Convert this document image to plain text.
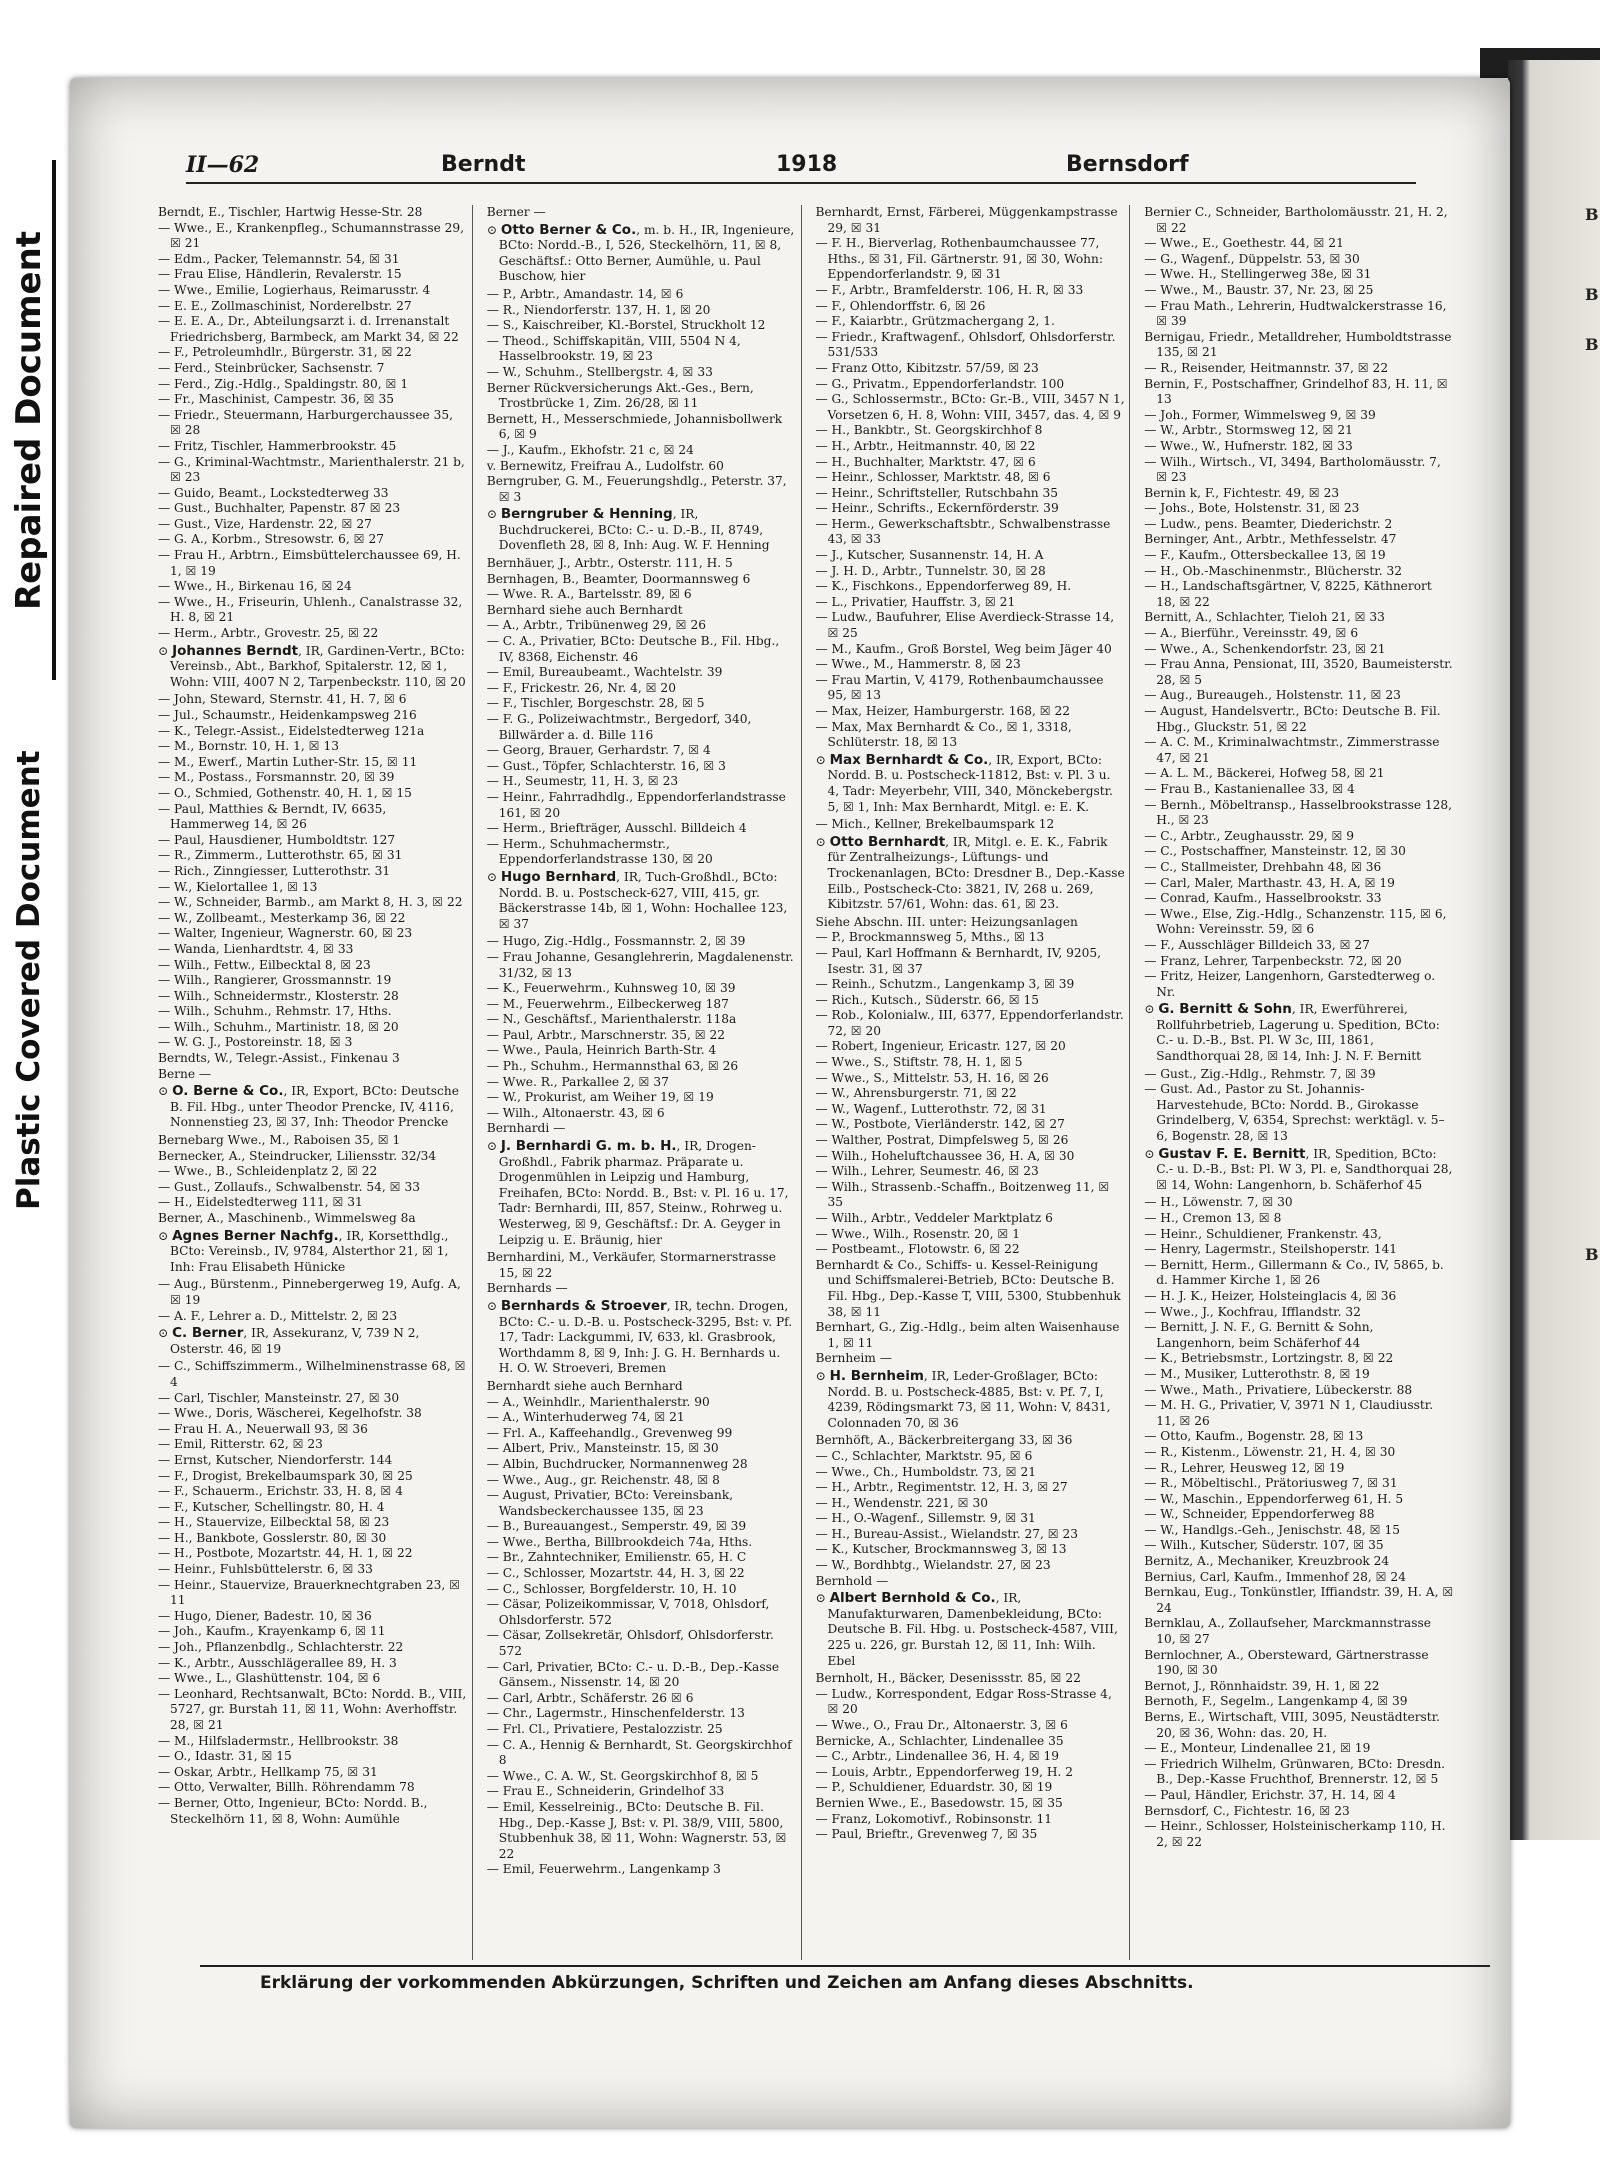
Repaired Document
Plastic Covered Document
B
B
B
B
II—62	Berndt	1918	Bernsdorf
Berndt, E., Tischler, Hartwig Hesse-Str. 28
— Wwe., E., Krankenpfleg., Schumannstrasse 29, ☒ 21
— Edm., Packer, Telemannstr. 54, ☒ 31
— Frau Elise, Händlerin, Revalerstr. 15
— Wwe., Emilie, Logierhaus, Reimarusstr. 4
— E. E., Zollmaschinist, Norderelbstr. 27
— E. E. A., Dr., Abteilungsarzt i. d. Irrenanstalt Friedrichsberg, Barmbeck, am Markt 34, ☒ 22
— F., Petroleumhdlr., Bürgerstr. 31, ☒ 22
— Ferd., Steinbrücker, Sachsenstr. 7
— Ferd., Zig.-Hdlg., Spaldingstr. 80, ☒ 1
— Fr., Maschinist, Campestr. 36, ☒ 35
— Friedr., Steuermann, Harburgerchaussee 35, ☒ 28
— Fritz, Tischler, Hammerbrookstr. 45
— G., Kriminal-Wachtmstr., Marienthalerstr. 21 b, ☒ 23
— Guido, Beamt., Lockstedterweg 33
— Gust., Buchhalter, Papenstr. 87 ☒ 23
— Gust., Vize, Hardenstr. 22, ☒ 27
— G. A., Korbm., Stresowstr. 6, ☒ 27
— Frau H., Arbtrn., Eimsbüttelerchaussee 69, H. 1, ☒ 19
— Wwe., H., Birkenau 16, ☒ 24
— Wwe., H., Friseurin, Uhlenh., Canalstrasse 32, H. 8, ☒ 21
— Herm., Arbtr., Grovestr. 25, ☒ 22
⊙ Johannes Berndt, IR, Gardinen-Vertr., BCto: Vereinsb., Abt., Barkhof, Spitalerstr. 12, ☒ 1, Wohn: VIII, 4007 N 2, Tarpenbeckstr. 110, ☒ 20
— John, Steward, Sternstr. 41, H. 7, ☒ 6
— Jul., Schaumstr., Heidenkampsweg 216
— K., Telegr.-Assist., Eidelstedterweg 121a
— M., Bornstr. 10, H. 1, ☒ 13
— M., Ewerf., Martin Luther-Str. 15, ☒ 11
— M., Postass., Forsmannstr. 20, ☒ 39
— O., Schmied, Gothenstr. 40, H. 1, ☒ 15
— Paul, Matthies & Berndt, IV, 6635, Hammerweg 14, ☒ 26
— Paul, Hausdiener, Humboldtstr. 127
— R., Zimmerm., Lutterothstr. 65, ☒ 31
— Rich., Zinngiesser, Lutterothstr. 31
— W., Kielortallee 1, ☒ 13
— W., Schneider, Barmb., am Markt 8, H. 3, ☒ 22
— W., Zollbeamt., Mesterkamp 36, ☒ 22
— Walter, Ingenieur, Wagnerstr. 60, ☒ 23
— Wanda, Lienhardtstr. 4, ☒ 33
— Wilh., Fettw., Eilbecktal 8, ☒ 23
— Wilh., Rangierer, Grossmannstr. 19
— Wilh., Schneidermstr., Klosterstr. 28
— Wilh., Schuhm., Rehmstr. 17, Hths.
— Wilh., Schuhm., Martinistr. 18, ☒ 20
— W. G. J., Postoreinstr. 18, ☒ 3
Berndts, W., Telegr.-Assist., Finkenau 3
Berne —
⊙ O. Berne & Co., IR, Export, BCto: Deutsche B. Fil. Hbg., unter Theodor Prencke, IV, 4116, Nonnenstieg 23, ☒ 37, Inh: Theodor Prencke
Bernebarg Wwe., M., Raboisen 35, ☒ 1
Bernecker, A., Steindrucker, Liliensstr. 32/34
— Wwe., B., Schleidenplatz 2, ☒ 22
— Gust., Zollaufs., Schwalbenstr. 54, ☒ 33
— H., Eidelstedterweg 111, ☒ 31
Berner, A., Maschinenb., Wimmelsweg 8a
⊙ Agnes Berner Nachfg., IR, Korsetthdlg., BCto: Vereinsb., IV, 9784, Alsterthor 21, ☒ 1, Inh: Frau Elisabeth Hünicke
— Aug., Bürstenm., Pinnebergerweg 19, Aufg. A, ☒ 19
— A. F., Lehrer a. D., Mittelstr. 2, ☒ 23
⊙ C. Berner, IR, Assekuranz, V, 739 N 2, Osterstr. 46, ☒ 19
— C., Schiffszimmerm., Wilhelminenstrasse 68, ☒ 4
— Carl, Tischler, Mansteinstr. 27, ☒ 30
— Wwe., Doris, Wäscherei, Kegelhofstr. 38
— Frau H. A., Neuerwall 93, ☒ 36
— Emil, Ritterstr. 62, ☒ 23
— Ernst, Kutscher, Niendorferstr. 144
— F., Drogist, Brekelbaumspark 30, ☒ 25
— F., Schauerm., Erichstr. 33, H. 8, ☒ 4
— F., Kutscher, Schellingstr. 80, H. 4
— H., Stauervize, Eilbecktal 58, ☒ 23
— H., Bankbote, Gosslerstr. 80, ☒ 30
— H., Postbote, Mozartstr. 44, H. 1, ☒ 22
— Heinr., Fuhlsbüttelerstr. 6, ☒ 33
— Heinr., Stauervize, Brauerknechtgraben 23, ☒ 11
— Hugo, Diener, Badestr. 10, ☒ 36
— Joh., Kaufm., Krayenkamp 6, ☒ 11
— Joh., Pflanzenbdlg., Schlachterstr. 22
— K., Arbtr., Ausschlägerallee 89, H. 3
— Wwe., L., Glashüttenstr. 104, ☒ 6
— Leonhard, Rechtsanwalt, BCto: Nordd. B., VIII, 5727, gr. Burstah 11, ☒ 11, Wohn: Averhoffstr. 28, ☒ 21
— M., Hilfsladermstr., Hellbrookstr. 38
— O., Idastr. 31, ☒ 15
— Oskar, Arbtr., Hellkamp 75, ☒ 31
— Otto, Verwalter, Billh. Röhrendamm 78
— Berner, Otto, Ingenieur, BCto: Nordd. B., Steckelhörn 11, ☒ 8, Wohn: Aumühle
Berner —
⊙ Otto Berner & Co., m. b. H., IR, Ingenieure, BCto: Nordd.-B., I, 526, Steckelhörn, 11, ☒ 8, Geschäftsf.: Otto Berner, Aumühle, u. Paul Buschow, hier
— P., Arbtr., Amandastr. 14, ☒ 6
— R., Niendorferstr. 137, H. 1, ☒ 20
— S., Kaischreiber, Kl.-Borstel, Struckholt 12
— Theod., Schiffskapitän, VIII, 5504 N 4, Hasselbrookstr. 19, ☒ 23
— W., Schuhm., Stellbergstr. 4, ☒ 33
Berner Rückversicherungs Akt.-Ges., Bern, Trostbrücke 1, Zim. 26/28, ☒ 11
Bernett, H., Messerschmiede, Johannisbollwerk 6, ☒ 9
— J., Kaufm., Ekhofstr. 21 c, ☒ 24
v. Bernewitz, Freifrau A., Ludolfstr. 60
Berngruber, G. M., Feuerungshdlg., Peterstr. 37, ☒ 3
⊙ Berngruber & Henning, IR, Buchdruckerei, BCto: C.- u. D.-B., II, 8749, Dovenfleth 28, ☒ 8, Inh: Aug. W. F. Henning
Bernhäuer, J., Arbtr., Osterstr. 111, H. 5
Bernhagen, B., Beamter, Doormannsweg 6
— Wwe. R. A., Bartelsstr. 89, ☒ 6
Bernhard siehe auch Bernhardt
— A., Arbtr., Tribünenweg 29, ☒ 26
— C. A., Privatier, BCto: Deutsche B., Fil. Hbg., IV, 8368, Eichenstr. 46
— Emil, Bureaubeamt., Wachtelstr. 39
— F., Frickestr. 26, Nr. 4, ☒ 20
— F., Tischler, Borgeschstr. 28, ☒ 5
— F. G., Polizeiwachtmstr., Bergedorf, 340, Billwärder a. d. Bille 116
— Georg, Brauer, Gerhardstr. 7, ☒ 4
— Gust., Töpfer, Schlachterstr. 16, ☒ 3
— H., Seumestr, 11, H. 3, ☒ 23
— Heinr., Fahrradhdlg., Eppendorferlandstrasse 161, ☒ 20
— Herm., Briefträger, Ausschl. Billdeich 4
— Herm., Schuhmachermstr., Eppendorferlandstrasse 130, ☒ 20
⊙ Hugo Bernhard, IR, Tuch-Großhdl., BCto: Nordd. B. u. Postscheck-627, VIII, 415, gr. Bäckerstrasse 14b, ☒ 1, Wohn: Hochallee 123, ☒ 37
— Hugo, Zig.-Hdlg., Fossmannstr. 2, ☒ 39
— Frau Johanne, Gesanglehrerin, Magdalenenstr. 31/32, ☒ 13
— K., Feuerwehrm., Kuhnsweg 10, ☒ 39
— M., Feuerwehrm., Eilbeckerweg 187
— N., Geschäftsf., Marienthalerstr. 118a
— Paul, Arbtr., Marschnerstr. 35, ☒ 22
— Wwe., Paula, Heinrich Barth-Str. 4
— Ph., Schuhm., Hermannsthal 63, ☒ 26
— Wwe. R., Parkallee 2, ☒ 37
— W., Prokurist, am Weiher 19, ☒ 19
— Wilh., Altonaerstr. 43, ☒ 6
Bernhardi —
⊙ J. Bernhardi G. m. b. H., IR, Drogen-Großhdl., Fabrik pharmaz. Präparate u. Drogenmühlen in Leipzig und Hamburg, Freihafen, BCto: Nordd. B., Bst: v. Pl. 16 u. 17, Tadr: Bernhardi, III, 857, Steinw., Rohrweg u. Westerweg, ☒ 9, Geschäftsf.: Dr. A. Geyger in Leipzig u. E. Bräunig, hier
Bernhardini, M., Verkäufer, Stormarnerstrasse 15, ☒ 22
Bernhards —
⊙ Bernhards & Stroever, IR, techn. Drogen, BCto: C.- u. D.-B. u. Postscheck-3295, Bst: v. Pf. 17, Tadr: Lackgummi, IV, 633, kl. Grasbrook, Worthdamm 8, ☒ 9, Inh: J. G. H. Bernhards u. H. O. W. Stroeveri, Bremen
Bernhardt siehe auch Bernhard
— A., Weinhdlr., Marienthalerstr. 90
— A., Winterhuderweg 74, ☒ 21
— Frl. A., Kaffeehandlg., Grevenweg 99
— Albert, Priv., Mansteinstr. 15, ☒ 30
— Albin, Buchdrucker, Normannenweg 28
— Wwe., Aug., gr. Reichenstr. 48, ☒ 8
— August, Privatier, BCto: Vereinsbank, Wandsbeckerchaussee 135, ☒ 23
— B., Bureauangest., Semperstr. 49, ☒ 39
— Wwe., Bertha, Billbrookdeich 74a, Hths.
— Br., Zahntechniker, Emilienstr. 65, H. C
— C., Schlosser, Mozartstr. 44, H. 3, ☒ 22
— C., Schlosser, Borgfelderstr. 10, H. 10
— Cäsar, Polizeikommissar, V, 7018, Ohlsdorf, Ohlsdorferstr. 572
— Cäsar, Zollsekretär, Ohlsdorf, Ohlsdorferstr. 572
— Carl, Privatier, BCto: C.- u. D.-B., Dep.-Kasse Gänsem., Nissenstr. 14, ☒ 20
— Carl, Arbtr., Schäferstr. 26 ☒ 6
— Chr., Lagermstr., Hinschenfelderstr. 13
— Frl. Cl., Privatiere, Pestalozzistr. 25
— C. A., Hennig & Bernhardt, St. Georgskirchhof 8
— Wwe., C. A. W., St. Georgskirchhof 8, ☒ 5
— Frau E., Schneiderin, Grindelhof 33
— Emil, Kesselreinig., BCto: Deutsche B. Fil. Hbg., Dep.-Kasse J, Bst: v. Pl. 38/9, VIII, 5800, Stubbenhuk 38, ☒ 11, Wohn: Wagnerstr. 53, ☒ 22
— Emil, Feuerwehrm., Langenkamp 3
Bernhardt, Ernst, Färberei, Müggenkampstrasse 29, ☒ 31
— F. H., Bierverlag, Rothenbaumchaussee 77, Hths., ☒ 31, Fil. Gärtnerstr. 91, ☒ 30, Wohn: Eppendorferlandstr. 9, ☒ 31
— F., Arbtr., Bramfelderstr. 106, H. R, ☒ 33
— F., Ohlendorffstr. 6, ☒ 26
— F., Kaiarbtr., Grützmachergang 2, 1.
— Friedr., Kraftwagenf., Ohlsdorf, Ohlsdorferstr. 531/533
— Franz Otto, Kibitzstr. 57/59, ☒ 23
— G., Privatm., Eppendorferlandstr. 100
— G., Schlossermstr., BCto: Gr.-B., VIII, 3457 N 1, Vorsetzen 6, H. 8, Wohn: VIII, 3457, das. 4, ☒ 9
— H., Bankbtr., St. Georgskirchhof 8
— H., Arbtr., Heitmannstr. 40, ☒ 22
— H., Buchhalter, Marktstr. 47, ☒ 6
— Heinr., Schlosser, Marktstr. 48, ☒ 6
— Heinr., Schriftsteller, Rutschbahn 35
— Heinr., Schrifts., Eckernförderstr. 39
— Herm., Gewerkschaftsbtr., Schwalbenstrasse 43, ☒ 33
— J., Kutscher, Susannenstr. 14, H. A
— J. H. D., Arbtr., Tunnelstr. 30, ☒ 28
— K., Fischkons., Eppendorferweg 89, H.
— L., Privatier, Hauffstr. 3, ☒ 21
— Ludw., Baufuhrer, Elise Averdieck-Strasse 14, ☒ 25
— M., Kaufm., Groß Borstel, Weg beim Jäger 40
— Wwe., M., Hammerstr. 8, ☒ 23
— Frau Martin, V, 4179, Rothenbaumchaussee 95, ☒ 13
— Max, Heizer, Hamburgerstr. 168, ☒ 22
— Max, Max Bernhardt & Co., ☒ 1, 3318, Schlüterstr. 18, ☒ 13
⊙ Max Bernhardt & Co., IR, Export, BCto: Nordd. B. u. Postscheck-11812, Bst: v. Pl. 3 u. 4, Tadr: Meyerbehr, VIII, 340, Mönckebergstr. 5, ☒ 1, Inh: Max Bernhardt, Mitgl. e: E. K.
— Mich., Kellner, Brekelbaumspark 12
⊙ Otto Bernhardt, IR, Mitgl. e. E. K., Fabrik für Zentralheizungs-, Lüftungs- und Trockenanlagen, BCto: Dresdner B., Dep.-Kasse Eilb., Postscheck-Cto: 3821, IV, 268 u. 269, Kibitzstr. 57/61, Wohn: das. 61, ☒ 23.
Siehe Abschn. III. unter: Heizungsanlagen
— P., Brockmannsweg 5, Mths., ☒ 13
— Paul, Karl Hoffmann & Bernhardt, IV, 9205, Isestr. 31, ☒ 37
— Reinh., Schutzm., Langenkamp 3, ☒ 39
— Rich., Kutsch., Süderstr. 66, ☒ 15
— Rob., Kolonialw., III, 6377, Eppendorferlandstr. 72, ☒ 20
— Robert, Ingenieur, Ericastr. 127, ☒ 20
— Wwe., S., Stiftstr. 78, H. 1, ☒ 5
— Wwe., S., Mittelstr. 53, H. 16, ☒ 26
— W., Ahrensburgerstr. 71, ☒ 22
— W., Wagenf., Lutterothstr. 72, ☒ 31
— W., Postbote, Vierländerstr. 142, ☒ 27
— Walther, Postrat, Dimpfelsweg 5, ☒ 26
— Wilh., Hoheluftchaussee 36, H. A, ☒ 30
— Wilh., Lehrer, Seumestr. 46, ☒ 23
— Wilh., Strassenb.-Schaffn., Boitzenweg 11, ☒ 35
— Wilh., Arbtr., Veddeler Marktplatz 6
— Wwe., Wilh., Rosenstr. 20, ☒ 1
— Postbeamt., Flotowstr. 6, ☒ 22
Bernhardt & Co., Schiffs- u. Kessel-Reinigung und Schiffsmalerei-Betrieb, BCto: Deutsche B. Fil. Hbg., Dep.-Kasse T, VIII, 5300, Stubbenhuk 38, ☒ 11
Bernhart, G., Zig.-Hdlg., beim alten Waisenhause 1, ☒ 11
Bernheim —
⊙ H. Bernheim, IR, Leder-Großlager, BCto: Nordd. B. u. Postscheck-4885, Bst: v. Pf. 7, I, 4239, Rödingsmarkt 73, ☒ 11, Wohn: V, 8431, Colonnaden 70, ☒ 36
Bernhöft, A., Bäckerbreitergang 33, ☒ 36
— C., Schlachter, Marktstr. 95, ☒ 6
— Wwe., Ch., Humboldstr. 73, ☒ 21
— H., Arbtr., Regimentstr. 12, H. 3, ☒ 27
— H., Wendenstr. 221, ☒ 30
— H., O.-Wagenf., Sillemstr. 9, ☒ 31
— H., Bureau-Assist., Wielandstr. 27, ☒ 23
— K., Kutscher, Brockmannsweg 3, ☒ 13
— W., Bordhbtg., Wielandstr. 27, ☒ 23
Bernhold —
⊙ Albert Bernhold & Co., IR, Manufakturwaren, Damenbekleidung, BCto: Deutsche B. Fil. Hbg. u. Postscheck-4587, VIII, 225 u. 226, gr. Burstah 12, ☒ 11, Inh: Wilh. Ebel
Bernholt, H., Bäcker, Desenissstr. 85, ☒ 22
— Ludw., Korrespondent, Edgar Ross-Strasse 4, ☒ 20
— Wwe., O., Frau Dr., Altonaerstr. 3, ☒ 6
Bernicke, A., Schlachter, Lindenallee 35
— C., Arbtr., Lindenallee 36, H. 4, ☒ 19
— Louis, Arbtr., Eppendorferweg 19, H. 2
— P., Schuldiener, Eduardstr. 30, ☒ 19
Bernien Wwe., E., Basedowstr. 15, ☒ 35
— Franz, Lokomotivf., Robinsonstr. 11
— Paul, Brieftr., Grevenweg 7, ☒ 35
Bernier C., Schneider, Bartholomäusstr. 21, H. 2, ☒ 22
— Wwe., E., Goethestr. 44, ☒ 21
— G., Wagenf., Düppelstr. 53, ☒ 30
— Wwe. H., Stellingerweg 38e, ☒ 31
— Wwe., M., Baustr. 37, Nr. 23, ☒ 25
— Frau Math., Lehrerin, Hudtwalckerstrasse 16, ☒ 39
Bernigau, Friedr., Metalldreher, Humboldtstrasse 135, ☒ 21
— R., Reisender, Heitmannstr. 37, ☒ 22
Bernin, F., Postschaffner, Grindelhof 83, H. 11, ☒ 13
— Joh., Former, Wimmelsweg 9, ☒ 39
— W., Arbtr., Stormsweg 12, ☒ 21
— Wwe., W., Hufnerstr. 182, ☒ 33
— Wilh., Wirtsch., VI, 3494, Bartholomäusstr. 7, ☒ 23
Bernin k, F., Fichtestr. 49, ☒ 23
— Johs., Bote, Holstenstr. 31, ☒ 23
— Ludw., pens. Beamter, Diederichstr. 2
Berninger, Ant., Arbtr., Methfesselstr. 47
— F., Kaufm., Ottersbeckallee 13, ☒ 19
— H., Ob.-Maschinenmstr., Blücherstr. 32
— H., Landschaftsgärtner, V, 8225, Käthnerort 18, ☒ 22
Bernitt, A., Schlachter, Tieloh 21, ☒ 33
— A., Bierführ., Vereinsstr. 49, ☒ 6
— Wwe., A., Schenkendorfstr. 23, ☒ 21
— Frau Anna, Pensionat, III, 3520, Baumeisterstr. 28, ☒ 5
— Aug., Bureaugeh., Holstenstr. 11, ☒ 23
— August, Handelsvertr., BCto: Deutsche B. Fil. Hbg., Gluckstr. 51, ☒ 22
— A. C. M., Kriminalwachtmstr., Zimmerstrasse 47, ☒ 21
— A. L. M., Bäckerei, Hofweg 58, ☒ 21
— Frau B., Kastanienallee 33, ☒ 4
— Bernh., Möbeltransp., Hasselbrookstrasse 128, H., ☒ 23
— C., Arbtr., Zeughausstr. 29, ☒ 9
— C., Postschaffner, Mansteinstr. 12, ☒ 30
— C., Stallmeister, Drehbahn 48, ☒ 36
— Carl, Maler, Marthastr. 43, H. A, ☒ 19
— Conrad, Kaufm., Hasselbrookstr. 33
— Wwe., Else, Zig.-Hdlg., Schanzenstr. 115, ☒ 6, Wohn: Vereinsstr. 59, ☒ 6
— F., Ausschläger Billdeich 33, ☒ 27
— Franz, Lehrer, Tarpenbeckstr. 72, ☒ 20
— Fritz, Heizer, Langenhorn, Garstedterweg o. Nr.
⊙ G. Bernitt & Sohn, IR, Ewerführerei, Rollfuhrbetrieb, Lagerung u. Spedition, BCto: C.- u. D.-B., Bst. Pl. W 3c, III, 1861, Sandthorquai 28, ☒ 14, Inh: J. N. F. Bernitt
— Gust., Zig.-Hdlg., Rehmstr. 7, ☒ 39
— Gust. Ad., Pastor zu St. Johannis-Harvestehude, BCto: Nordd. B., Girokasse Grindelberg, V, 6354, Sprechst: werktägl. v. 5–6, Bogenstr. 28, ☒ 13
⊙ Gustav F. E. Bernitt, IR, Spedition, BCto: C.- u. D.-B., Bst: Pl. W 3, Pl. e, Sandthorquai 28, ☒ 14, Wohn: Langenhorn, b. Schäferhof 45
— H., Löwenstr. 7, ☒ 30
— H., Cremon 13, ☒ 8
— Heinr., Schuldiener, Frankenstr. 43,
— Henry, Lagermstr., Steilshoperstr. 141
— Bernitt, Herm., Gillermann & Co., IV, 5865, b. d. Hammer Kirche 1, ☒ 26
— H. J. K., Heizer, Holsteinglacis 4, ☒ 36
— Wwe., J., Kochfrau, Ifflandstr. 32
— Bernitt, J. N. F., G. Bernitt & Sohn, Langenhorn, beim Schäferhof 44
— K., Betriebsmstr., Lortzingstr. 8, ☒ 22
— M., Musiker, Lutterothstr. 8, ☒ 19
— Wwe., Math., Privatiere, Lübeckerstr. 88
— M. H. G., Privatier, V, 3971 N 1, Claudiusstr. 11, ☒ 26
— Otto, Kaufm., Bogenstr. 28, ☒ 13
— R., Kistenm., Löwenstr. 21, H. 4, ☒ 30
— R., Lehrer, Heusweg 12, ☒ 19
— R., Möbeltischl., Prätoriusweg 7, ☒ 31
— W., Maschin., Eppendorferweg 61, H. 5
— W., Schneider, Eppendorferweg 88
— W., Handlgs.-Geh., Jenischstr. 48, ☒ 15
— Wilh., Kutscher, Süderstr. 107, ☒ 35
Bernitz, A., Mechaniker, Kreuzbrook 24
Bernius, Carl, Kaufm., Immenhof 28, ☒ 24
Bernkau, Eug., Tonkünstler, Iffiandstr. 39, H. A, ☒ 24
Bernklau, A., Zollaufseher, Marckmannstrasse 10, ☒ 27
Bernlochner, A., Obersteward, Gärtnerstrasse 190, ☒ 30
Bernot, J., Rönnhaidstr. 39, H. 1, ☒ 22
Bernoth, F., Segelm., Langenkamp 4, ☒ 39
Berns, E., Wirtschaft, VIII, 3095, Neustädterstr. 20, ☒ 36, Wohn: das. 20, H.
— E., Monteur, Lindenallee 21, ☒ 19
— Friedrich Wilhelm, Grünwaren, BCto: Dresdn. B., Dep.-Kasse Fruchthof, Brennerstr. 12, ☒ 5
— Paul, Händler, Erichstr. 37, H. 14, ☒ 4
Bernsdorf, C., Fichtestr. 16, ☒ 23
— Heinr., Schlosser, Holsteinischerkamp 110, H. 2, ☒ 22
Erklärung der vorkommenden Abkürzungen, Schriften und Zeichen am Anfang dieses Abschnitts.
